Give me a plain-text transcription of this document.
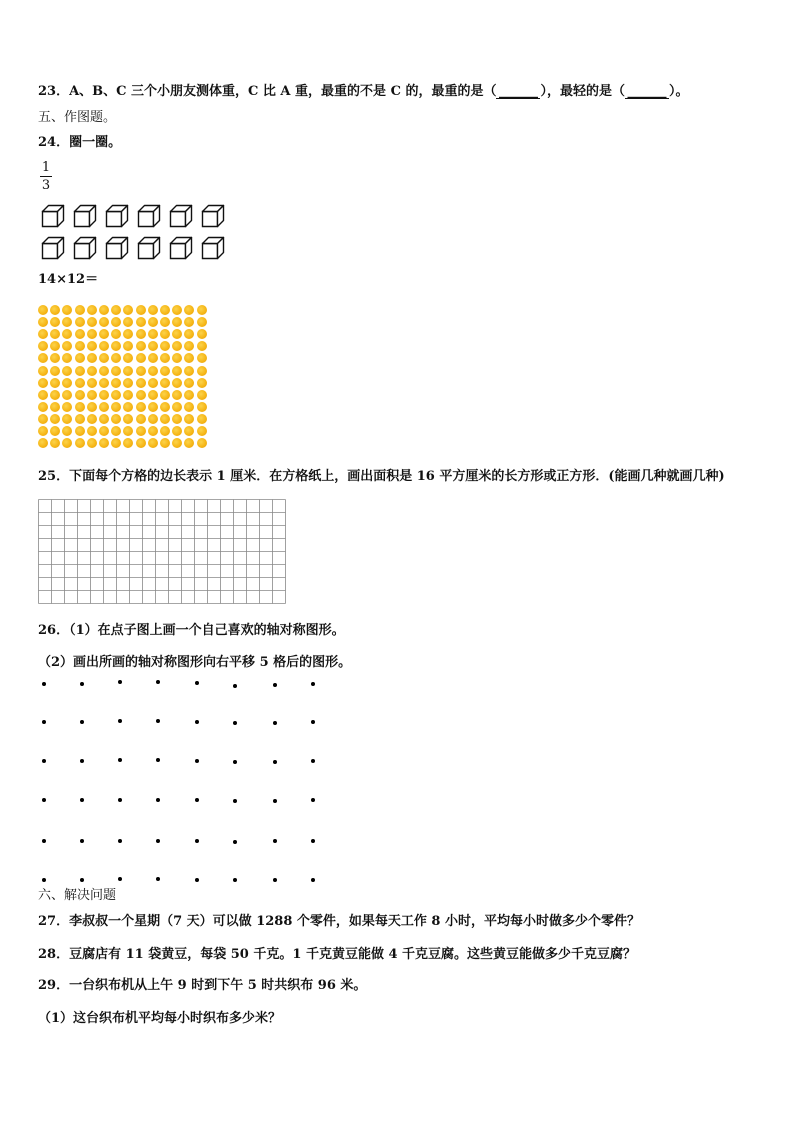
23．A、B、C 三个小朋友测体重，C 比 A 重，最重的不是 C 的，最重的是（ ______ ），最轻的是（ ______ ）。
五、作图题。
24．圈一圈。
1
3
14×12＝
25．下面每个方格的边长表示 1 厘米．在方格纸上，画出面积是 16 平方厘米的长方形或正方形．(能画几种就画几种)
26．（1）在点子图上画一个自己喜欢的轴对称图形。
（2）画出所画的轴对称图形向右平移 5 格后的图形。
六、解决问题
27．李叔叔一个星期（7 天）可以做 1288 个零件，如果每天工作 8 小时，平均每小时做多少个零件？
28．豆腐店有 11 袋黄豆，每袋 50 千克。1 千克黄豆能做 4 千克豆腐。这些黄豆能做多少千克豆腐？
29．一台织布机从上午 9 时到下午 5 时共织布 96 米。
（1）这台织布机平均每小时织布多少米？
